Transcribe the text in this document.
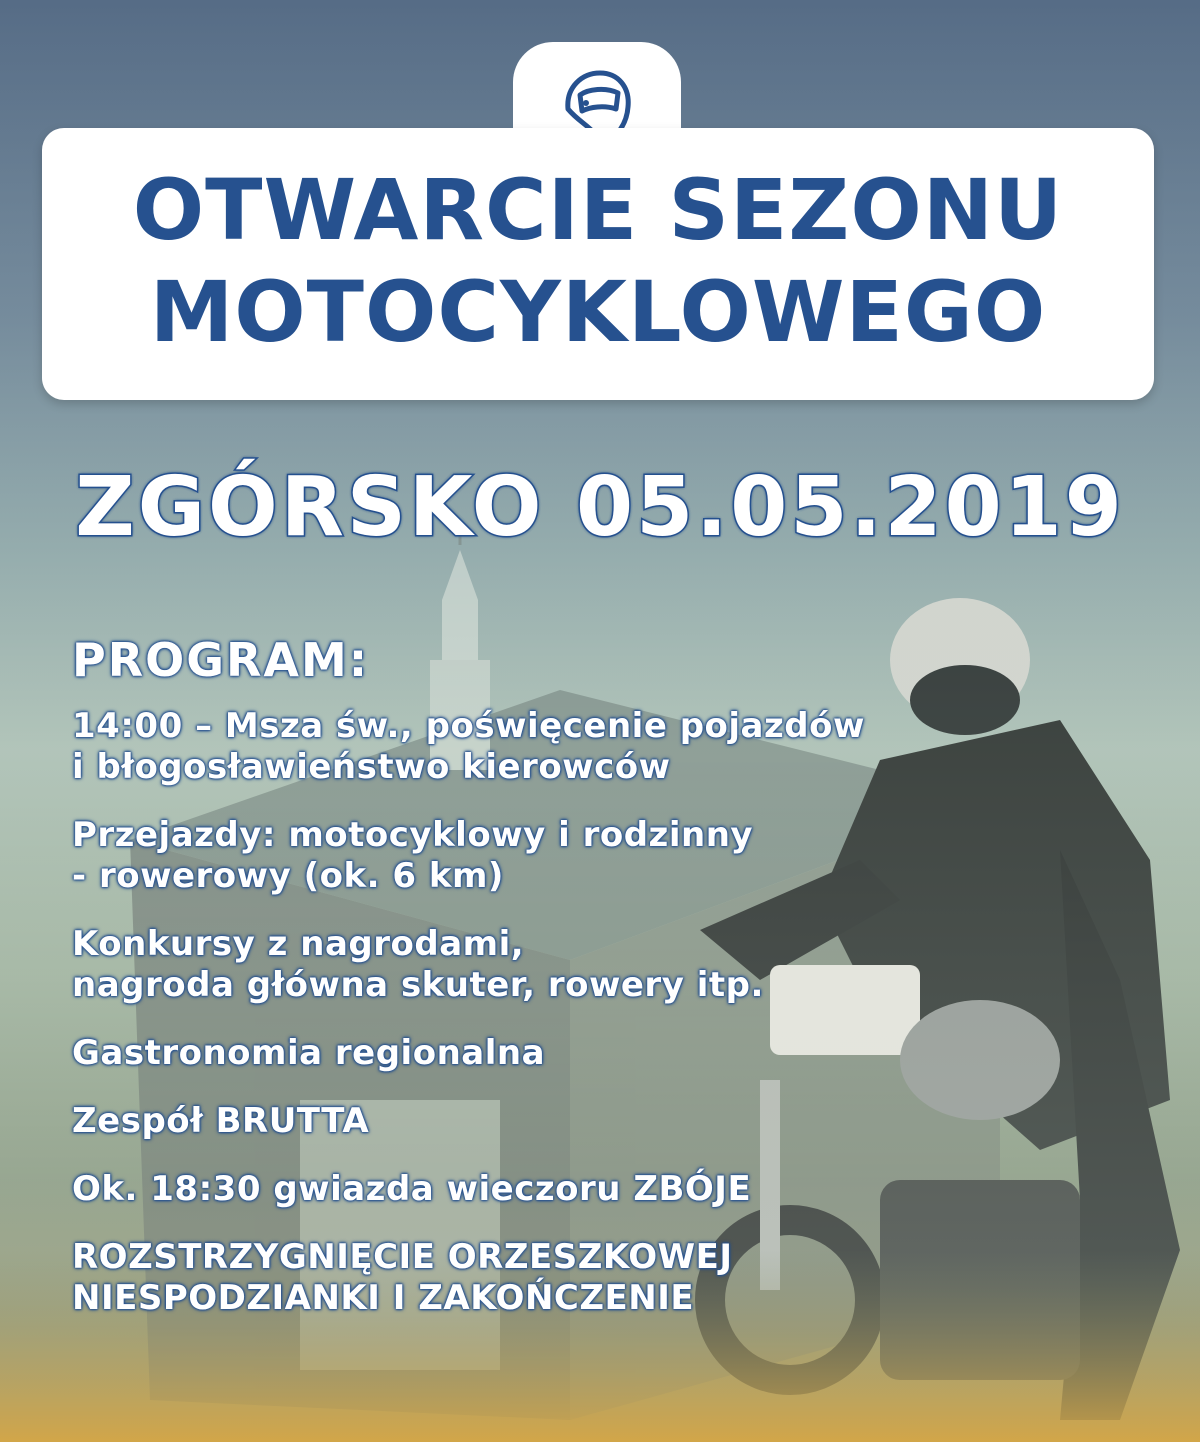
OTWARCIE SEZONU
MOTOCYKLOWEGO
ZGÓRSKO 05.05.2019
PROGRAM:
14:00 – Msza św., poświęcenie pojazdów
i błogosławieństwo kierowców
Przejazdy: motocyklowy i rodzinny
- rowerowy (ok. 6 km)
Konkursy z nagrodami,
nagroda główna skuter, rowery itp.
Gastronomia regionalna
Zespół BRUTTA
Ok. 18:30 gwiazda wieczoru ZBÓJE
ROZSTRZYGNIĘCIE ORZESZKOWEJ
NIESPODZIANKI I ZAKOŃCZENIE
